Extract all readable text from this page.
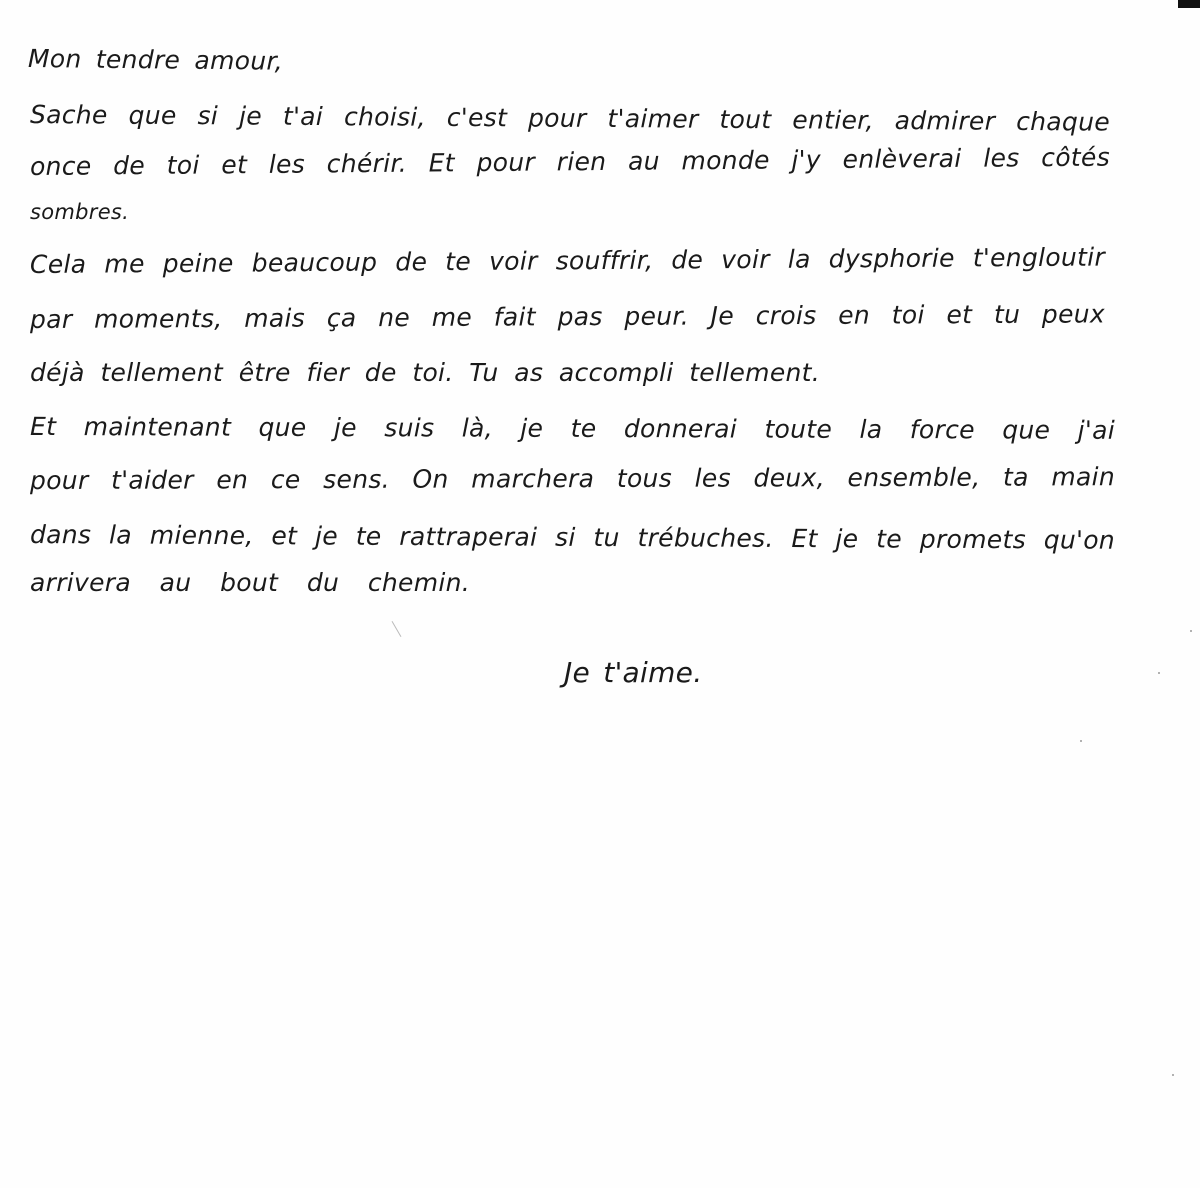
Mon tendre amour,
Sache que si je t'ai choisi, c'est pour t'aimer tout entier, admirer chaque
once de toi et les chérir. Et pour rien au monde j'y enlèverai les côtés
sombres.
Cela me peine beaucoup de te voir souffrir, de voir la dysphorie t'engloutir
par moments, mais ça ne me fait pas peur. Je crois en toi et tu peux
déjà tellement être fier de toi. Tu as accompli tellement.
Et maintenant que je suis là, je te donnerai toute la force que j'ai
pour t'aider en ce sens. On marchera tous les deux, ensemble, ta main
dans la mienne, et je te rattraperai si tu trébuches. Et je te promets qu'on
arrivera au bout du chemin.
Je t'aime.
